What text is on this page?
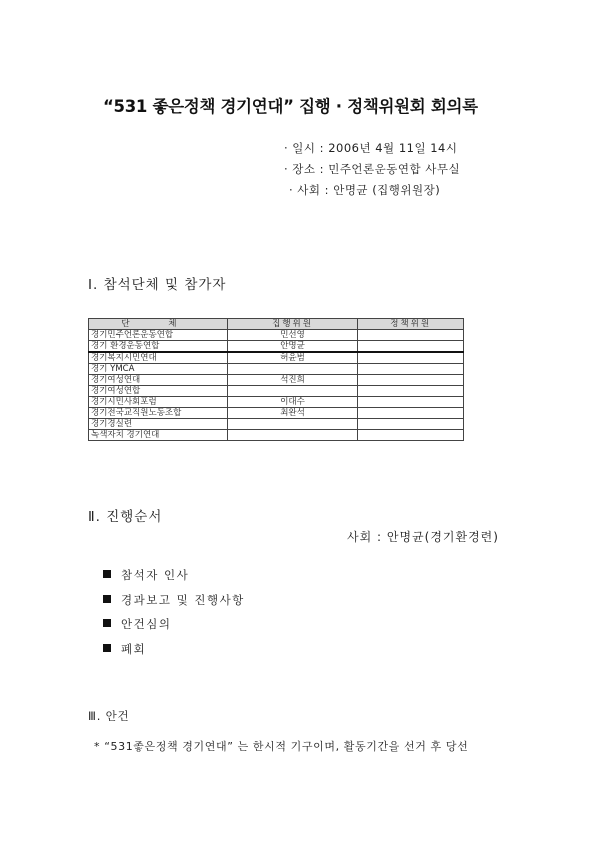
“531 좋은정책 경기연대” 집행 · 정책위원회 회의록
· 일시 : 2006년 4월 11일 14시
· 장소 : 민주언론운동연합 사무실
· 사회 : 안명균 (집행위원장)
Ⅰ. 참석단체 및 참가자
단 체	집행위원	정책위원
경기민주언론운동연합	민선영	
경기 환경운동연합	안명균	
경기복지시민연대	허윤범	
경기 YMCA		
경기여성연대	석진희	
경기여성연합		
경기시민사회포럼	이대수	
경기전국교직원노동조합	최완석	
경기경실련		
녹색자치 경기연대		
Ⅱ. 진행순서
사회 : 안명균(경기환경련)
참석자 인사
경과보고 및 진행사항
안건심의
폐회
Ⅲ. 안건
* “531좋은정책 경기연대” 는 한시적 기구이며, 활동기간을 선거 후 당선
